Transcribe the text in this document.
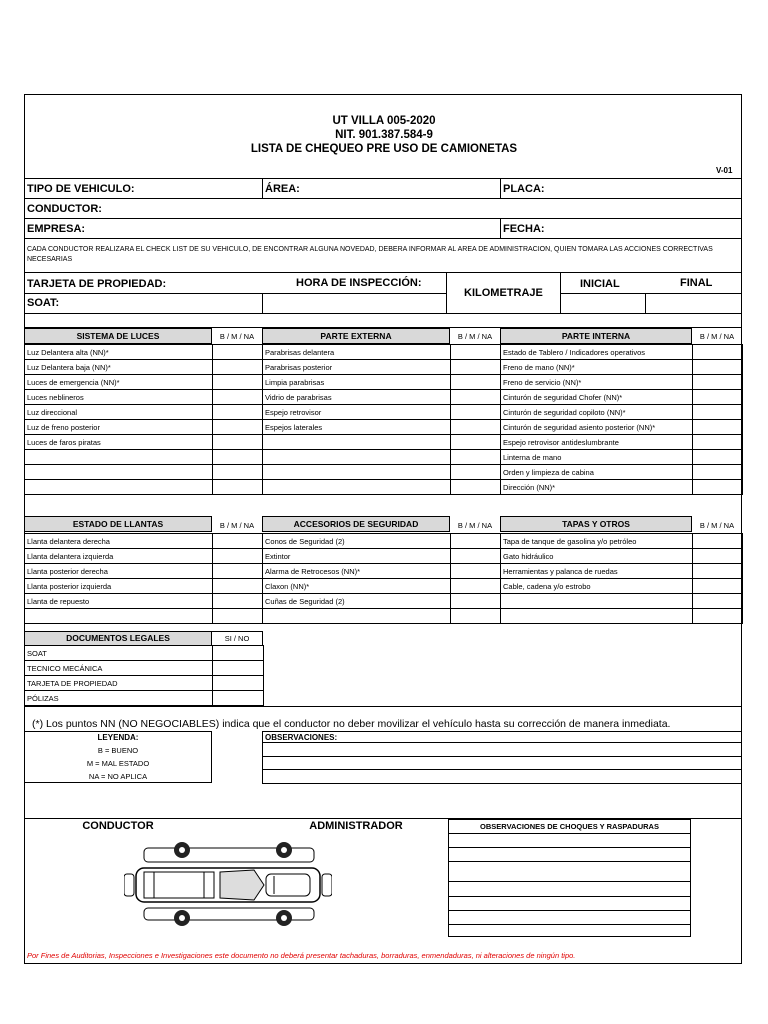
UT VILLA 005-2020
NIT. 901.387.584-9
LISTA DE CHEQUEO PRE USO DE CAMIONETAS
V-01
TIPO DE VEHICULO:	ÁREA:	PLACA:
CONDUCTOR:
EMPRESA:	FECHA:
CADA CONDUCTOR REALIZARA EL CHECK LIST DE SU VEHICULO, DE ENCONTRAR ALGUNA NOVEDAD, DEBERA INFORMAR AL AREA DE ADMINISTRACION, QUIEN TOMARA LAS ACCIONES CORRECTIVAS NECESARIAS
TARJETA DE PROPIEDAD:	HORA DE INSPECCIÓN:
KILOMETRAJE
INICIAL	FINAL
SOAT:
SISTEMA DE LUCES	B / M / NA	PARTE EXTERNA	B / M / NA	PARTE INTERNA	B / M / NA
Luz Delantera alta (NN)*		Parabrisas delantera		Estado de Tablero / Indicadores operativos	
Luz Delantera baja (NN)*		Parabrisas posterior		Freno de mano (NN)*	
Luces de emergencia (NN)*		Limpia parabrisas		Freno de servicio (NN)*	
Luces neblineros		Vidrio de parabrisas		Cinturón de seguridad Chofer (NN)*	
Luz direccional		Espejo retrovisor		Cinturón de seguridad copiloto (NN)*	
Luz de freno posterior		Espejos laterales		Cinturón de seguridad asiento posterior (NN)*	
Luces de faros piratas				Espejo retrovisor antideslumbrante	
				Linterna de mano	
				Orden y limpieza de cabina	
				Dirección (NN)*	
ESTADO DE LLANTAS	B / M / NA	ACCESORIOS DE SEGURIDAD	B / M / NA	TAPAS Y OTROS	B / M / NA
Llanta delantera derecha		Conos de Seguridad (2)		Tapa de tanque de gasolina y/o petróleo	
Llanta delantera izquierda		Extintor		Gato hidráulico	
Llanta posterior derecha		Alarma de Retrocesos (NN)*		Herramientas y palanca de ruedas	
Llanta posterior izquierda		Claxon (NN)*		Cable, cadena y/o estrobo	
Llanta de repuesto		Cuñas de Seguridad (2)			

DOCUMENTOS LEGALES	SI / NO
SOAT	
TECNICO MECÁNICA	
TARJETA DE PROPIEDAD	
PÓLIZAS	
(*) Los puntos NN (NO NEGOCIABLES) indica que el conductor no deber movilizar el vehículo hasta su corrección de manera inmediata.
LEYENDA:
B = BUENO
M = MAL ESTADO
NA = NO APLICA
OBSERVACIONES:
CONDUCTOR	ADMINISTRADOR	OBSERVACIONES DE CHOQUES Y RASPADURAS
Por Fines de Auditorias, Inspecciones e Investigaciones este documento no deberá presentar tachaduras, borraduras, enmendaduras, ni alteraciones de ningún tipo.
